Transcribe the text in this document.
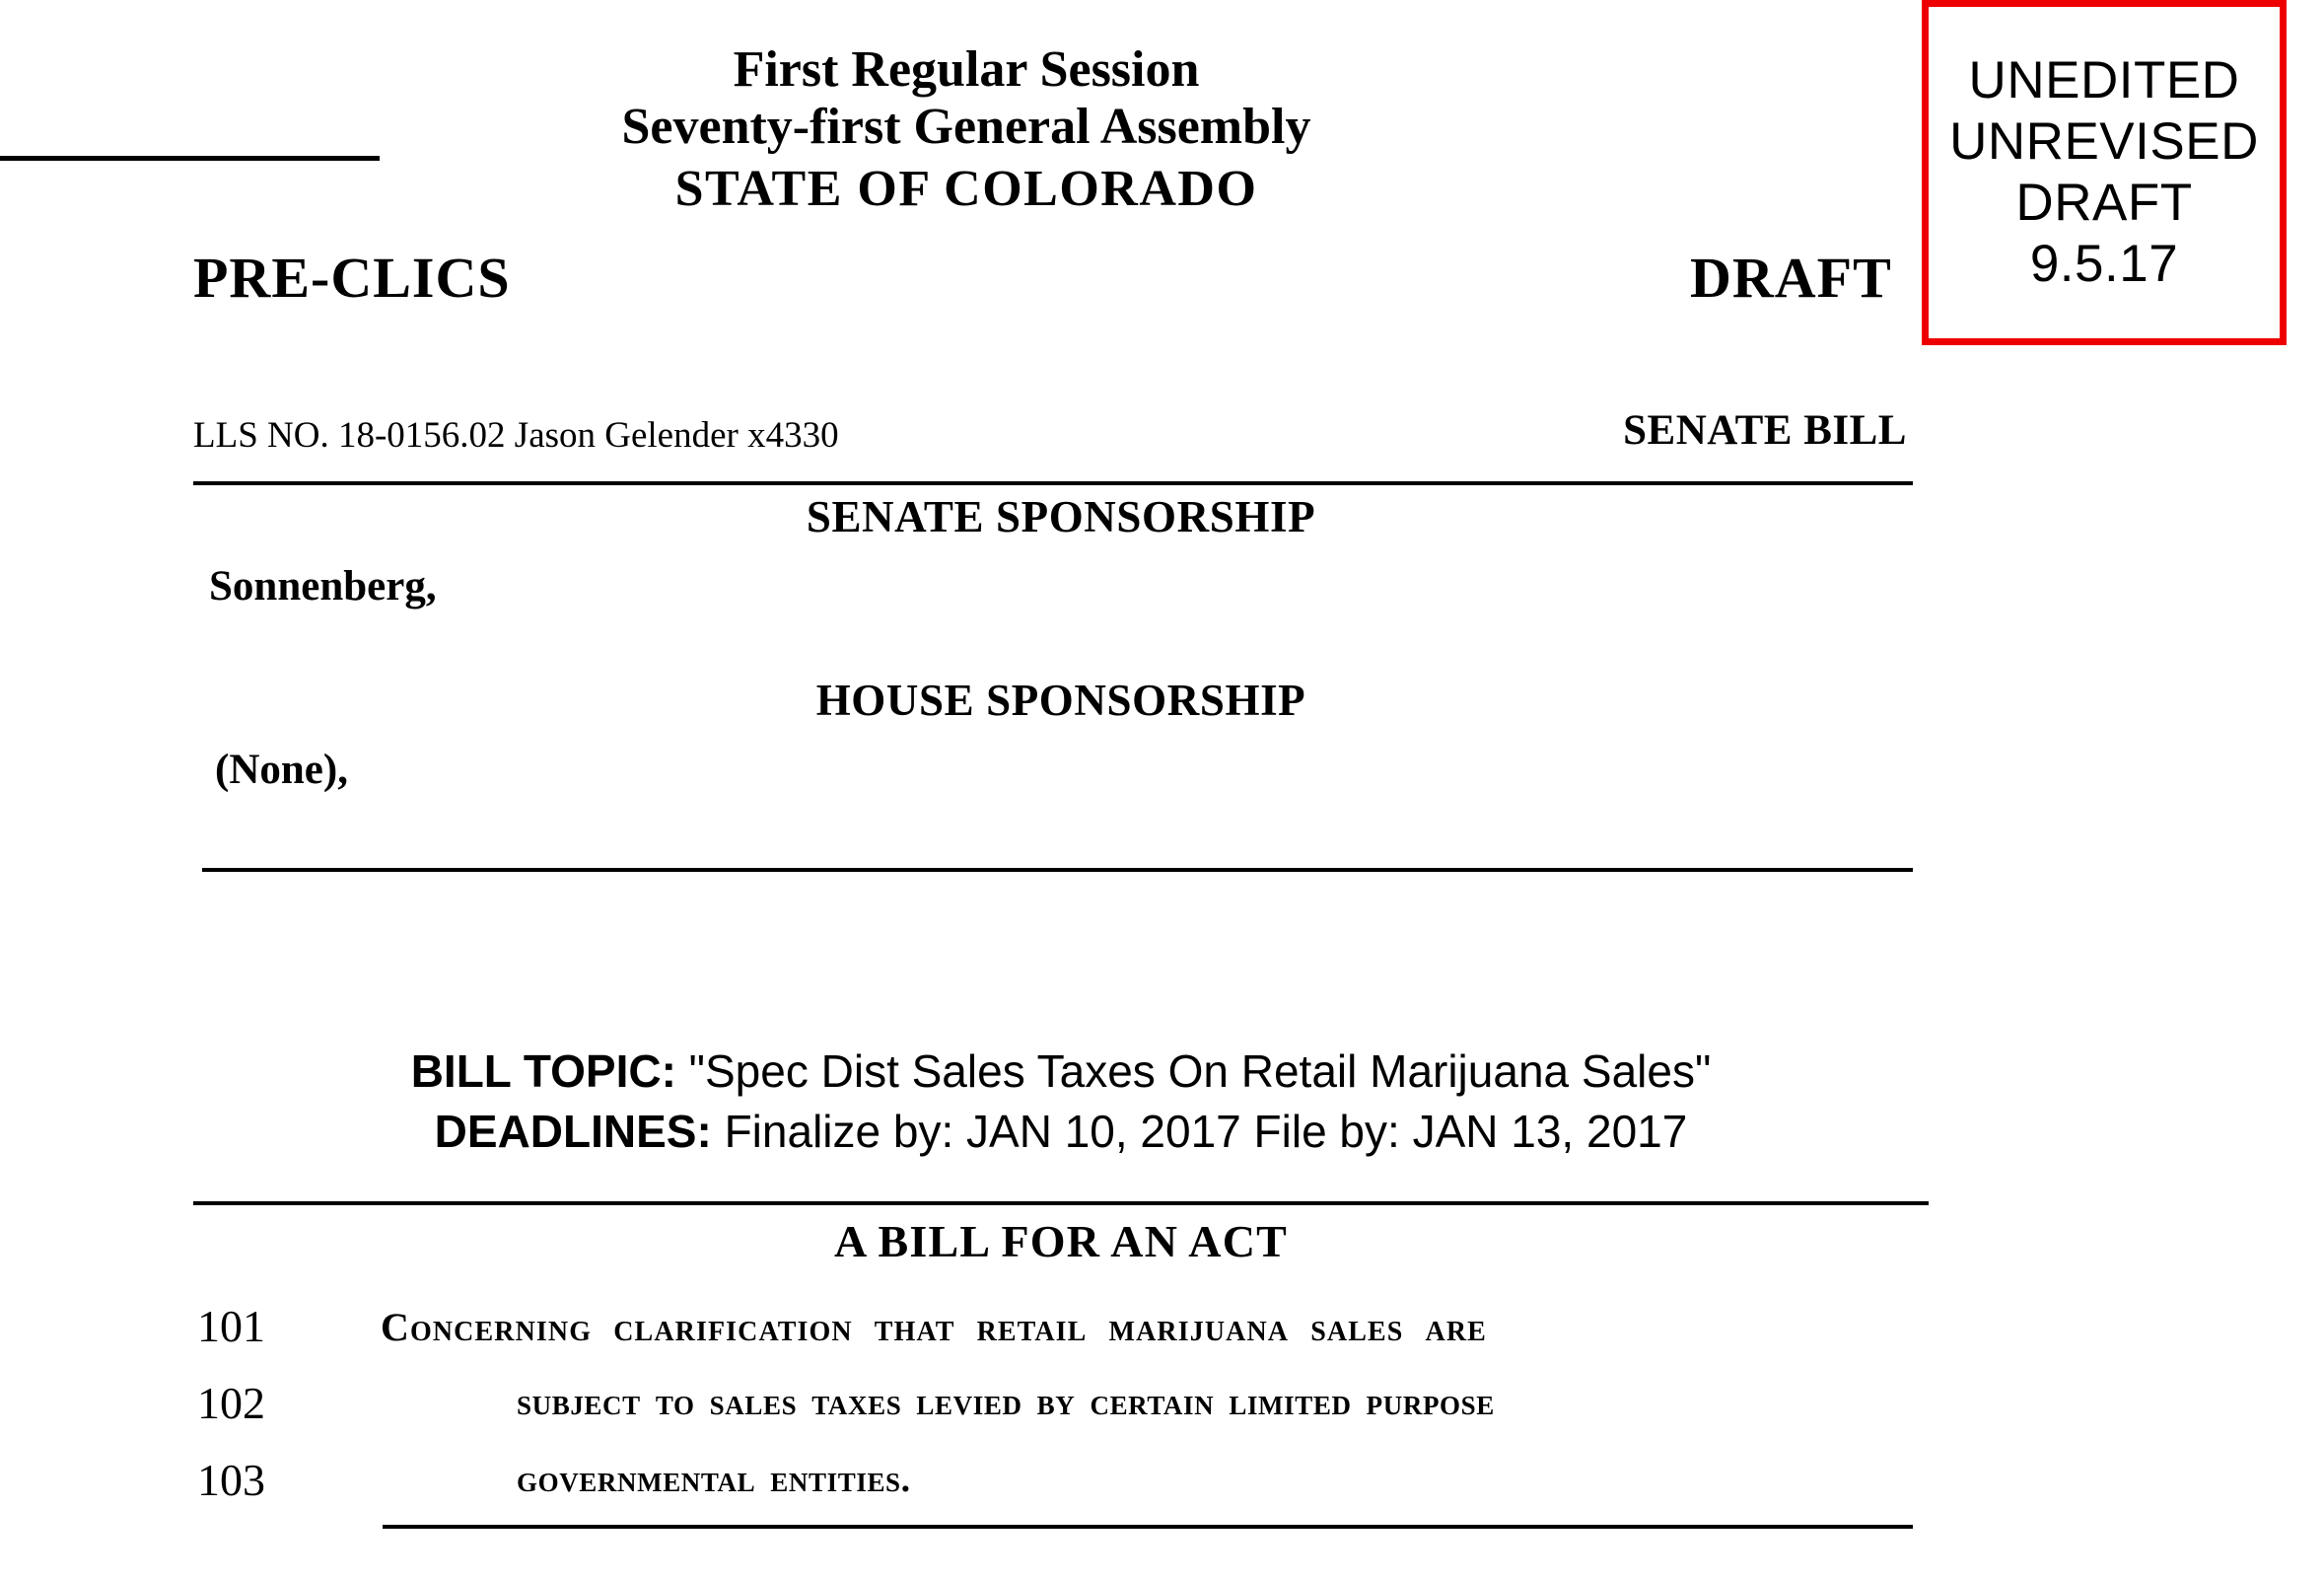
UNEDITED
UNREVISED
DRAFT
9.5.17
First Regular Session
Seventy-first General Assembly
STATE OF COLORADO
PRE-CLICS	DRAFT
LLS NO. 18-0156.02 Jason Gelender x4330	SENATE BILL
SENATE SPONSORSHIP
Sonnenberg,
HOUSE SPONSORSHIP
(None),
BILL TOPIC: "Spec Dist Sales Taxes On Retail Marijuana Sales"
DEADLINES: Finalize by: JAN 10, 2017 File by: JAN 13, 2017
A BILL FOR AN ACT
101	Concerning clarification that retail marijuana sales are
102	subject to sales taxes levied by certain limited purpose
103	governmental entities.
